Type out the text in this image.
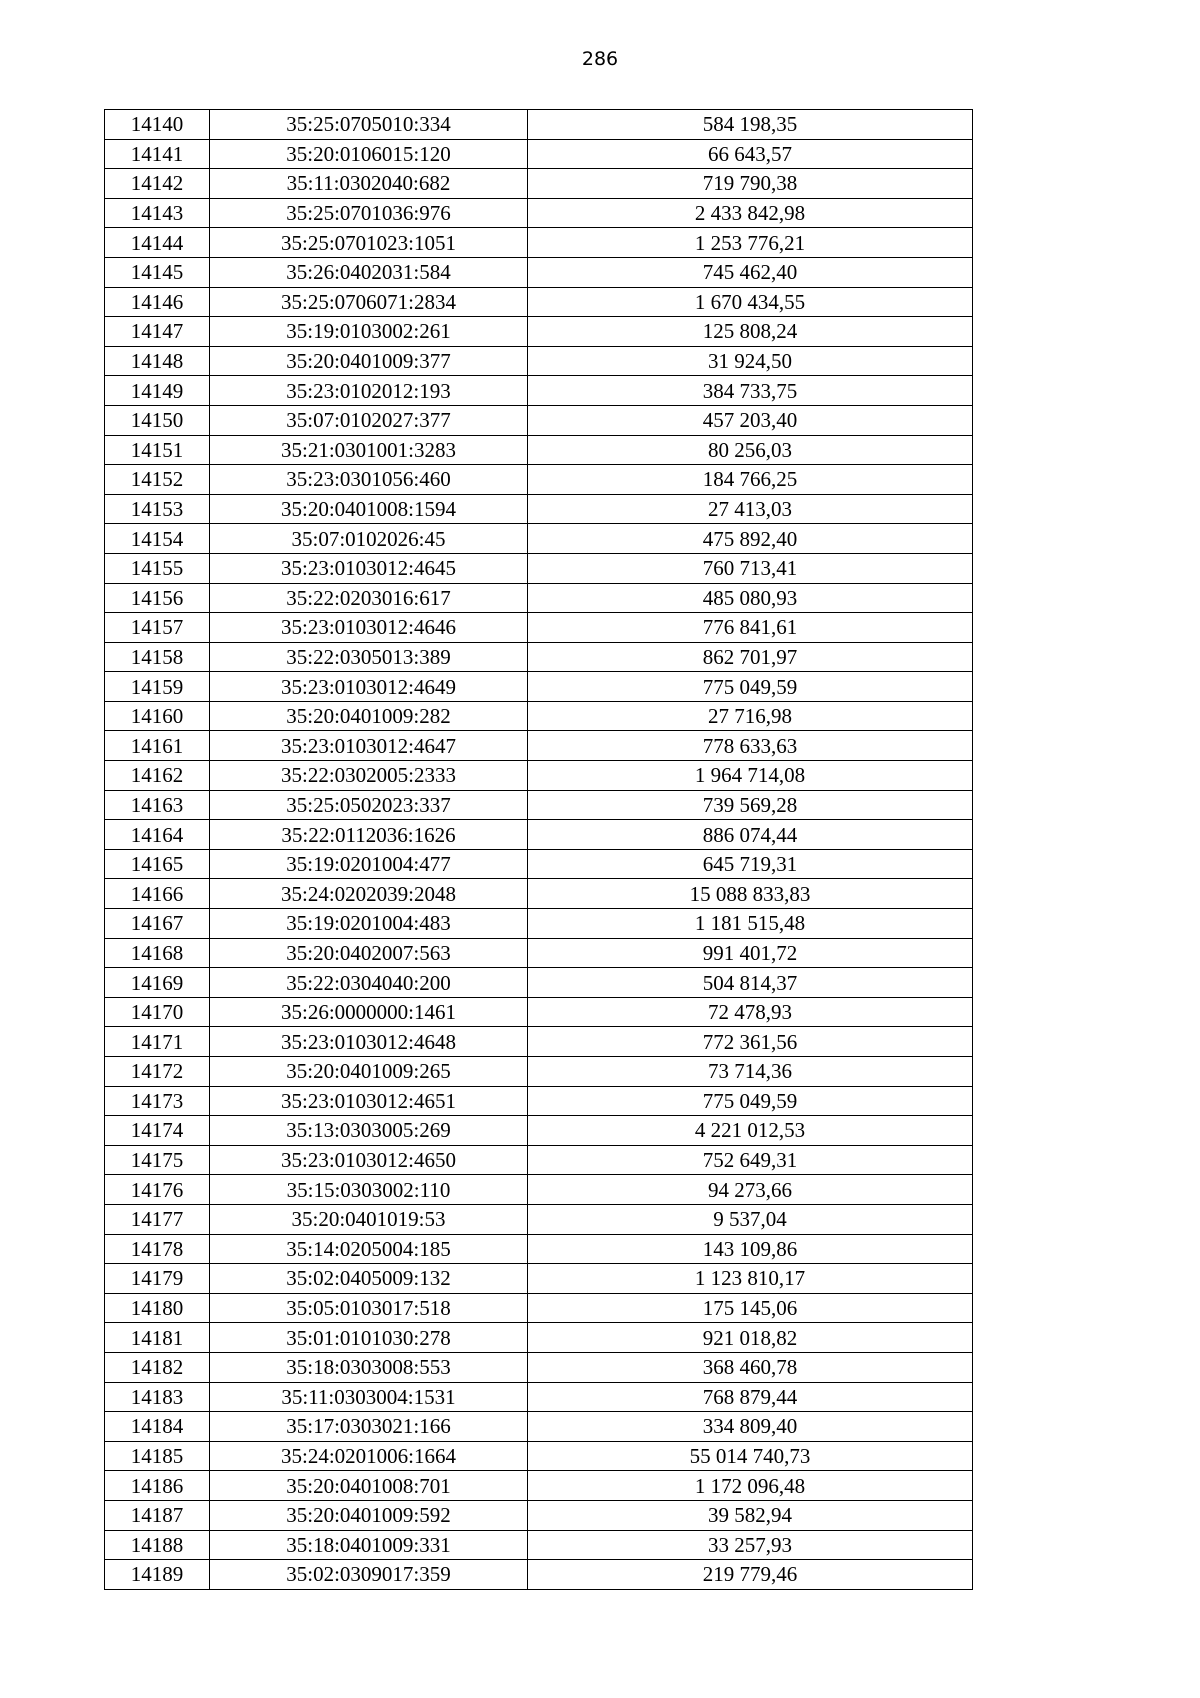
286
14140	35:25:0705010:334	584 198,35
14141	35:20:0106015:120	66 643,57
14142	35:11:0302040:682	719 790,38
14143	35:25:0701036:976	2 433 842,98
14144	35:25:0701023:1051	1 253 776,21
14145	35:26:0402031:584	745 462,40
14146	35:25:0706071:2834	1 670 434,55
14147	35:19:0103002:261	125 808,24
14148	35:20:0401009:377	31 924,50
14149	35:23:0102012:193	384 733,75
14150	35:07:0102027:377	457 203,40
14151	35:21:0301001:3283	80 256,03
14152	35:23:0301056:460	184 766,25
14153	35:20:0401008:1594	27 413,03
14154	35:07:0102026:45	475 892,40
14155	35:23:0103012:4645	760 713,41
14156	35:22:0203016:617	485 080,93
14157	35:23:0103012:4646	776 841,61
14158	35:22:0305013:389	862 701,97
14159	35:23:0103012:4649	775 049,59
14160	35:20:0401009:282	27 716,98
14161	35:23:0103012:4647	778 633,63
14162	35:22:0302005:2333	1 964 714,08
14163	35:25:0502023:337	739 569,28
14164	35:22:0112036:1626	886 074,44
14165	35:19:0201004:477	645 719,31
14166	35:24:0202039:2048	15 088 833,83
14167	35:19:0201004:483	1 181 515,48
14168	35:20:0402007:563	991 401,72
14169	35:22:0304040:200	504 814,37
14170	35:26:0000000:1461	72 478,93
14171	35:23:0103012:4648	772 361,56
14172	35:20:0401009:265	73 714,36
14173	35:23:0103012:4651	775 049,59
14174	35:13:0303005:269	4 221 012,53
14175	35:23:0103012:4650	752 649,31
14176	35:15:0303002:110	94 273,66
14177	35:20:0401019:53	9 537,04
14178	35:14:0205004:185	143 109,86
14179	35:02:0405009:132	1 123 810,17
14180	35:05:0103017:518	175 145,06
14181	35:01:0101030:278	921 018,82
14182	35:18:0303008:553	368 460,78
14183	35:11:0303004:1531	768 879,44
14184	35:17:0303021:166	334 809,40
14185	35:24:0201006:1664	55 014 740,73
14186	35:20:0401008:701	1 172 096,48
14187	35:20:0401009:592	39 582,94
14188	35:18:0401009:331	33 257,93
14189	35:02:0309017:359	219 779,46
